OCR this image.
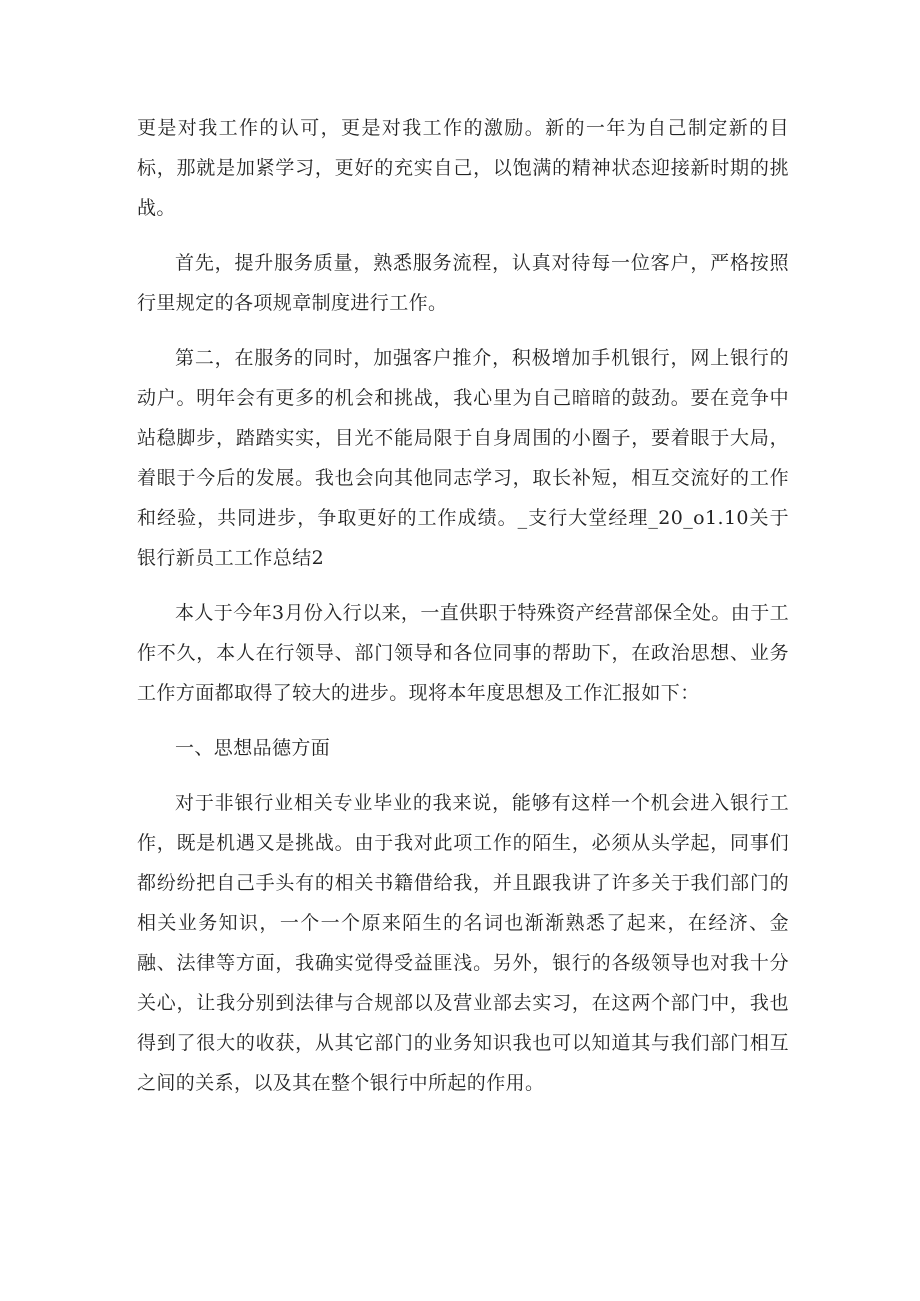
更是对我工作的认可，更是对我工作的激励。新的一年为自己制定新的目标，那就是加紧学习，更好的充实自己，以饱满的精神状态迎接新时期的挑战。

首先，提升服务质量，熟悉服务流程，认真对待每一位客户，严格按照行里规定的各项规章制度进行工作。

第二，在服务的同时，加强客户推介，积极增加手机银行，网上银行的动户。明年会有更多的机会和挑战，我心里为自己暗暗的鼓劲。要在竞争中站稳脚步，踏踏实实，目光不能局限于自身周围的小圈子，要着眼于大局，着眼于今后的发展。我也会向其他同志学习，取长补短，相互交流好的工作和经验，共同进步，争取更好的工作成绩。_支行大堂经理_20_o1.10关于银行新员工工作总结2

本人于今年3月份入行以来，一直供职于特殊资产经营部保全处。由于工作不久，本人在行领导、部门领导和各位同事的帮助下，在政治思想、业务工作方面都取得了较大的进步。现将本年度思想及工作汇报如下：

一、思想品德方面

对于非银行业相关专业毕业的我来说，能够有这样一个机会进入银行工作，既是机遇又是挑战。由于我对此项工作的陌生，必须从头学起，同事们都纷纷把自己手头有的相关书籍借给我，并且跟我讲了许多关于我们部门的相关业务知识，一个一个原来陌生的名词也渐渐熟悉了起来，在经济、金融、法律等方面，我确实觉得受益匪浅。另外，银行的各级领导也对我十分关心，让我分别到法律与合规部以及营业部去实习，在这两个部门中，我也得到了很大的收获，从其它部门的业务知识我也可以知道其与我们部门相互之间的关系，以及其在整个银行中所起的作用。
